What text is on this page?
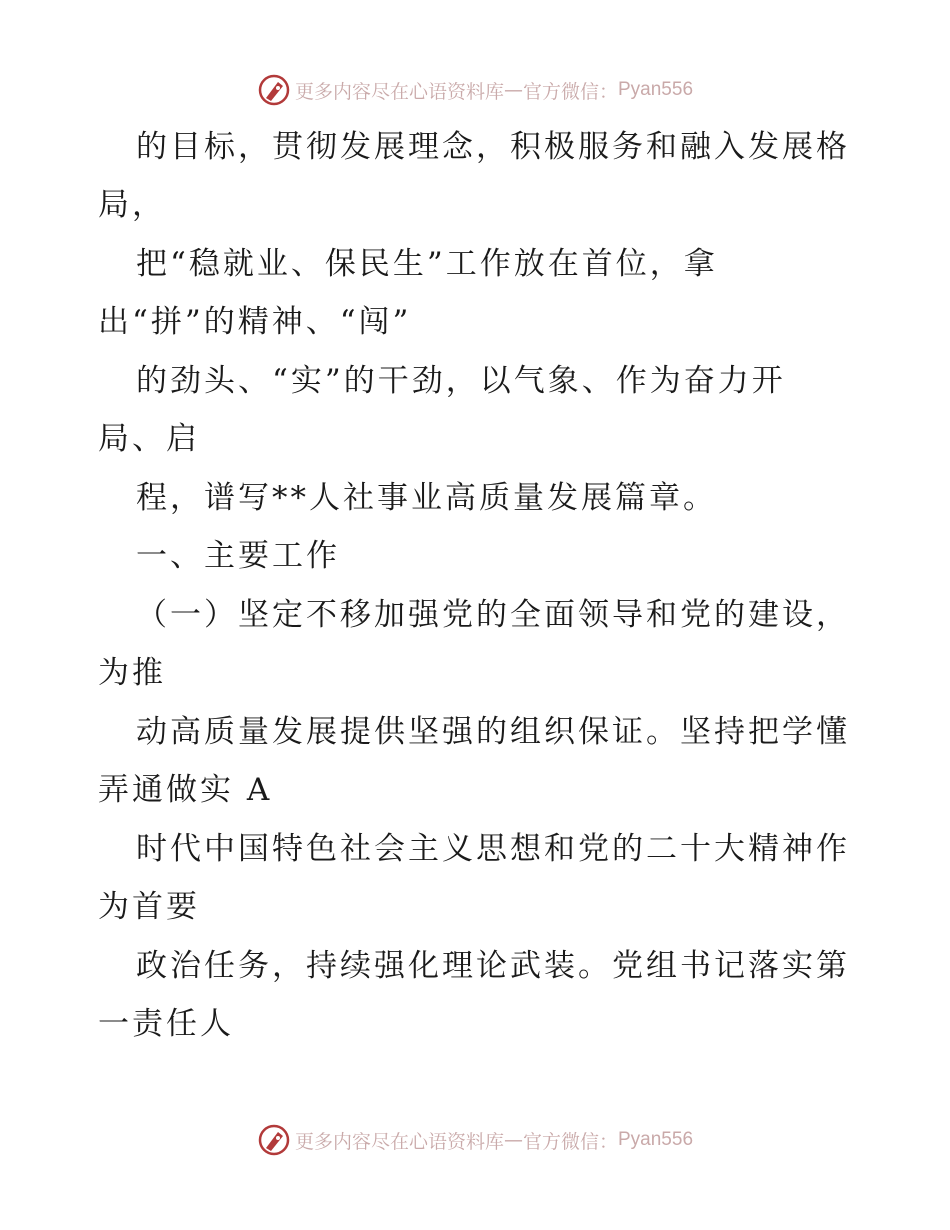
更多内容尽在心语资料库 — 官方微信： Pyan556
的目标，贯彻发展理念，积极服务和融入发展格
局，
把“稳就业、保民生”工作放在首位，拿
出“拼”的精神、“闯”
的劲头、“实”的干劲，以气象、作为奋力开
局、启
程，谱写**人社事业高质量发展篇章。
一、主要工作
（一）坚定不移加强党的全面领导和党的建设，
为推
动高质量发展提供坚强的组织保证。坚持把学懂
弄通做实 A
时代中国特色社会主义思想和党的二十大精神作
为首要
政治任务，持续强化理论武装。党组书记落实第
一责任人
更多内容尽在心语资料库 — 官方微信： Pyan556
